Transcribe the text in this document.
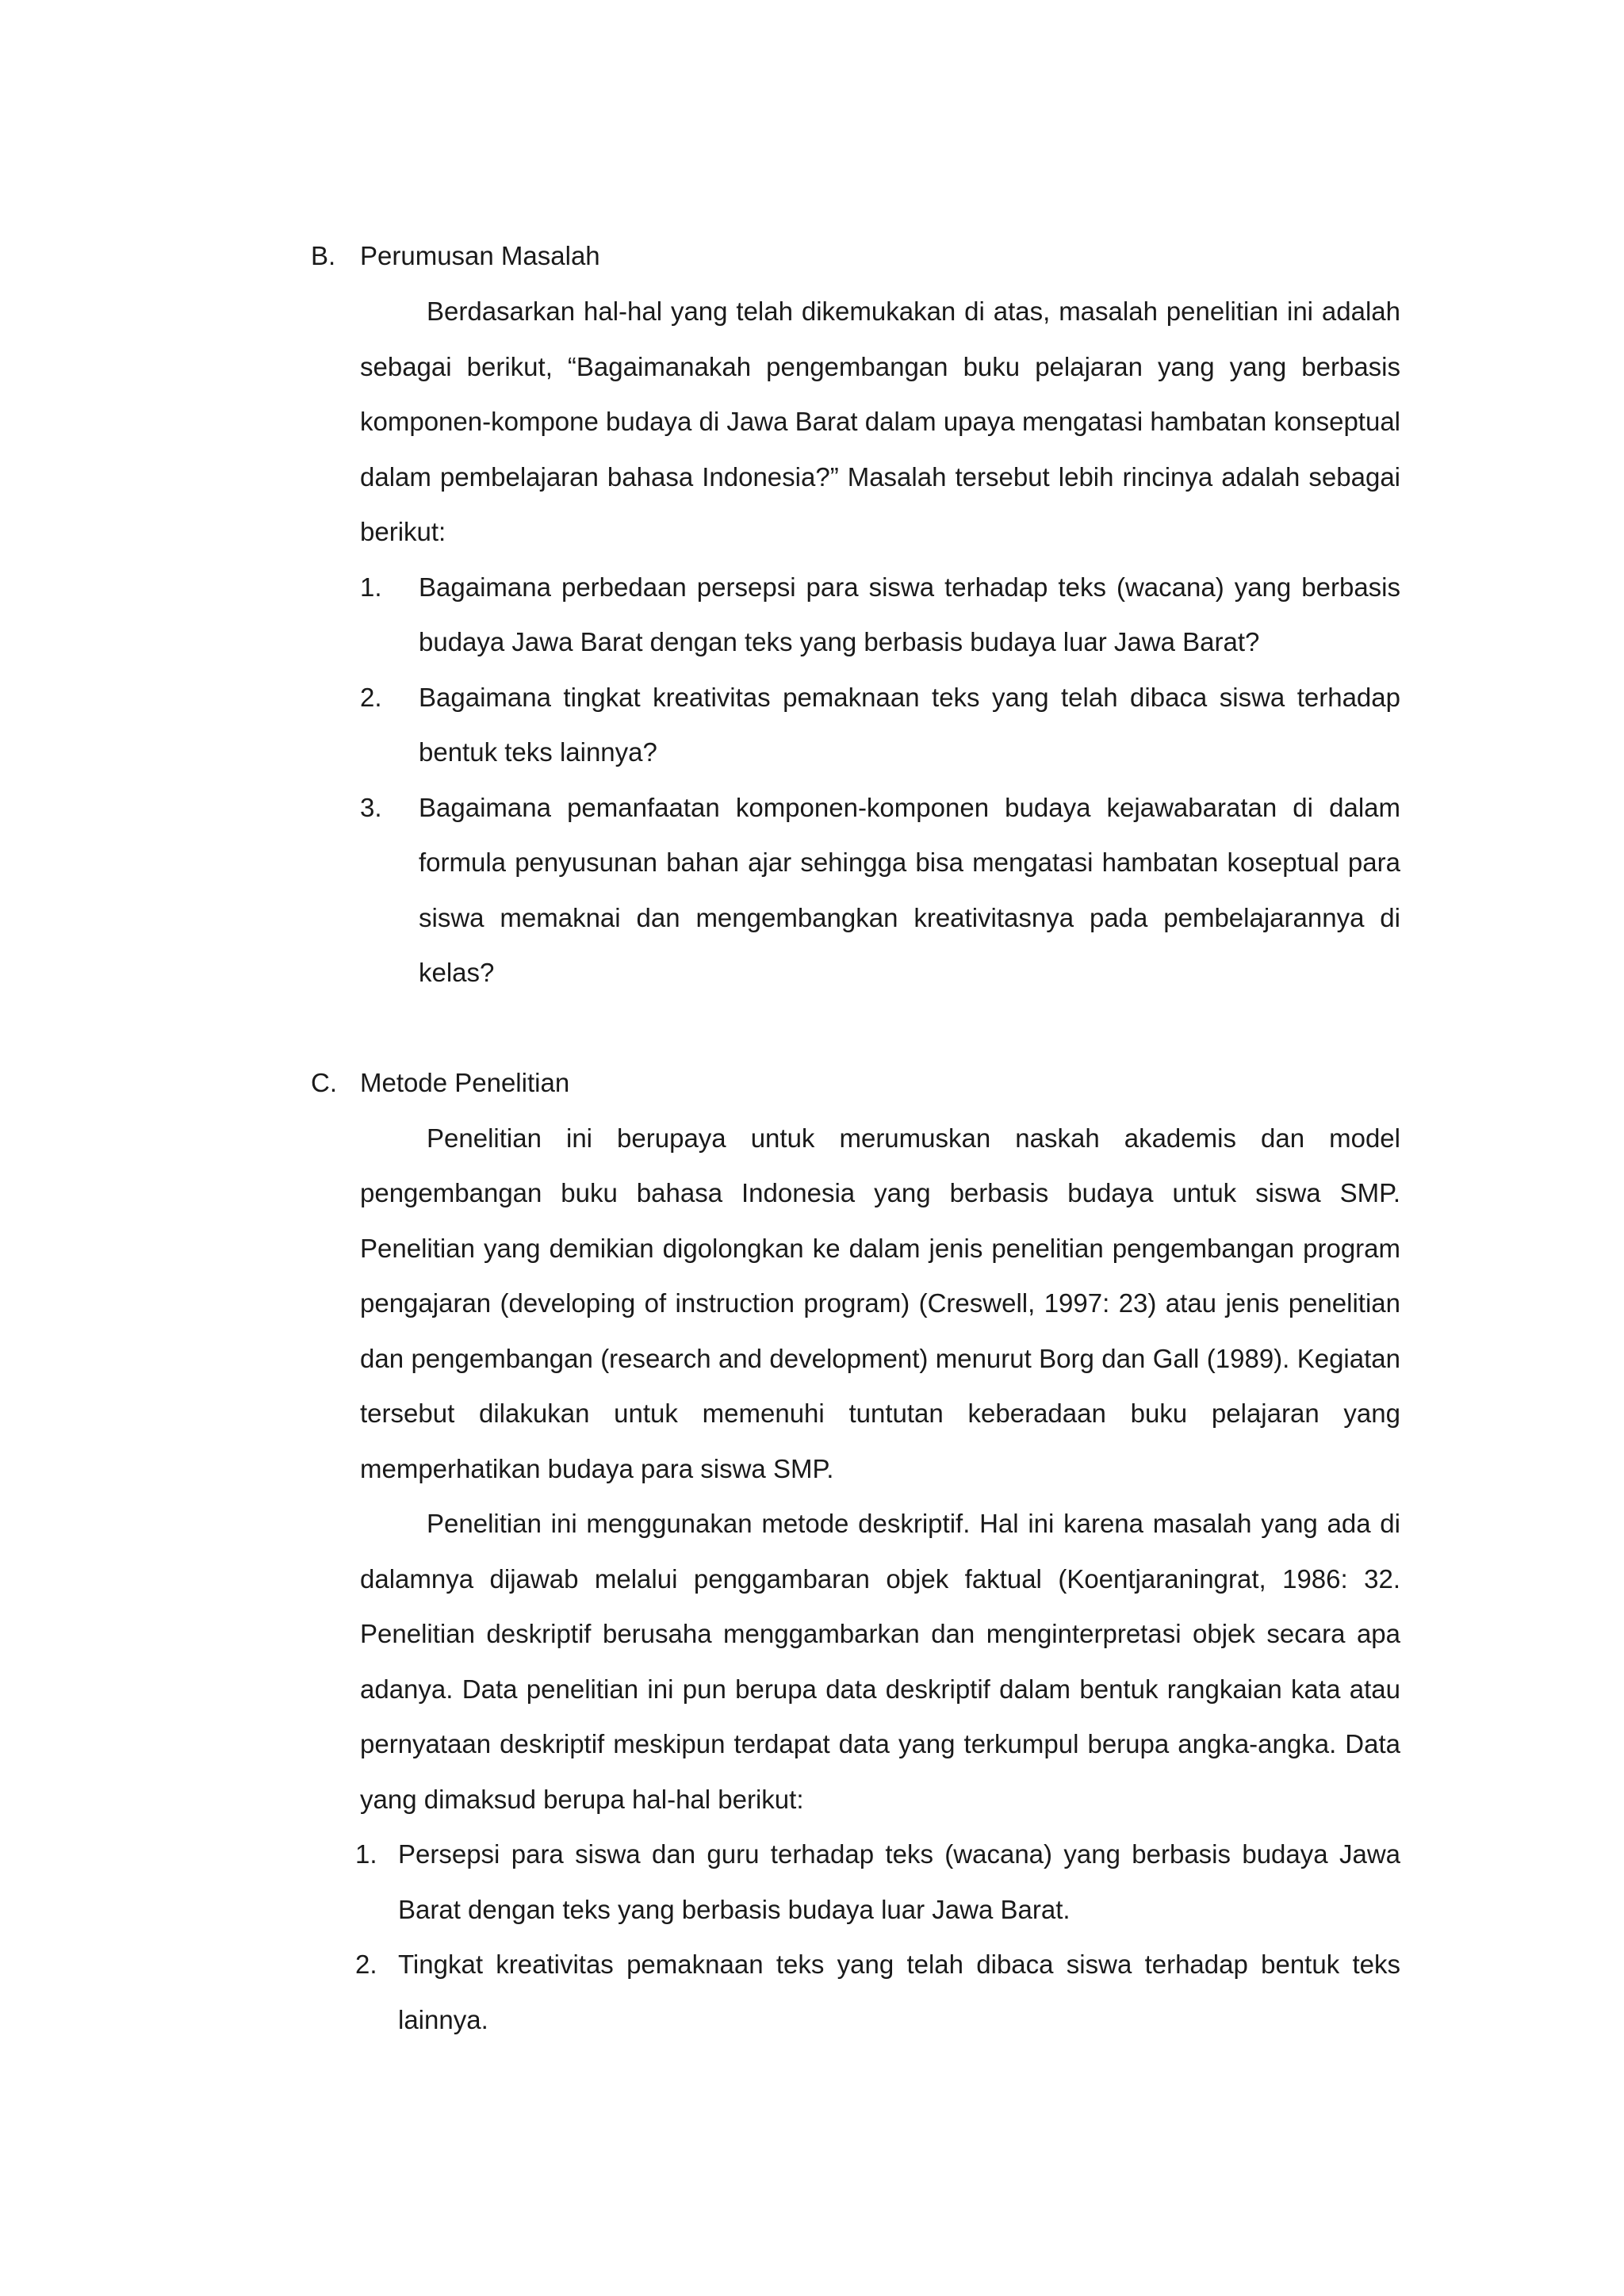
B. Perumusan Masalah

Berdasarkan hal-hal yang telah dikemukakan di atas, masalah penelitian ini adalah sebagai berikut, “Bagaimanakah pengembangan buku pelajaran yang yang berbasis komponen-kompone budaya di Jawa Barat dalam upaya mengatasi hambatan konseptual dalam pembelajaran bahasa Indonesia?” Masalah tersebut lebih rincinya adalah sebagai berikut:

1. Bagaimana perbedaan persepsi para siswa terhadap teks (wacana) yang berbasis budaya Jawa Barat dengan teks yang berbasis budaya luar Jawa Barat?
2. Bagaimana tingkat kreativitas pemaknaan teks yang telah dibaca siswa terhadap bentuk teks lainnya?
3. Bagaimana pemanfaatan komponen-komponen budaya kejawabaratan di dalam formula penyusunan bahan ajar sehingga bisa mengatasi hambatan koseptual para siswa memaknai dan mengembangkan kreativitasnya pada pembelajarannya di kelas?
C. Metode Penelitian

Penelitian ini berupaya untuk merumuskan naskah akademis dan model pengembangan buku bahasa Indonesia yang berbasis budaya untuk siswa SMP. Penelitian yang demikian digolongkan ke dalam jenis penelitian pengembangan program pengajaran (developing of instruction program) (Creswell, 1997: 23) atau jenis penelitian dan pengembangan (research and development) menurut Borg dan Gall (1989). Kegiatan tersebut dilakukan untuk memenuhi tuntutan keberadaan buku pelajaran yang memperhatikan budaya para siswa SMP.

Penelitian ini menggunakan metode deskriptif. Hal ini karena masalah yang ada di dalamnya dijawab melalui penggambaran objek faktual (Koentjaraningrat, 1986: 32. Penelitian deskriptif berusaha menggambarkan dan menginterpretasi objek secara apa adanya. Data penelitian ini pun berupa data deskriptif dalam bentuk rangkaian kata atau pernyataan deskriptif meskipun terdapat data yang terkumpul berupa angka-angka. Data yang dimaksud berupa hal-hal berikut:

1. Persepsi para siswa dan guru terhadap teks (wacana) yang berbasis budaya Jawa Barat dengan teks yang berbasis budaya luar Jawa Barat.
2. Tingkat kreativitas pemaknaan teks yang telah dibaca siswa terhadap bentuk teks lainnya.
